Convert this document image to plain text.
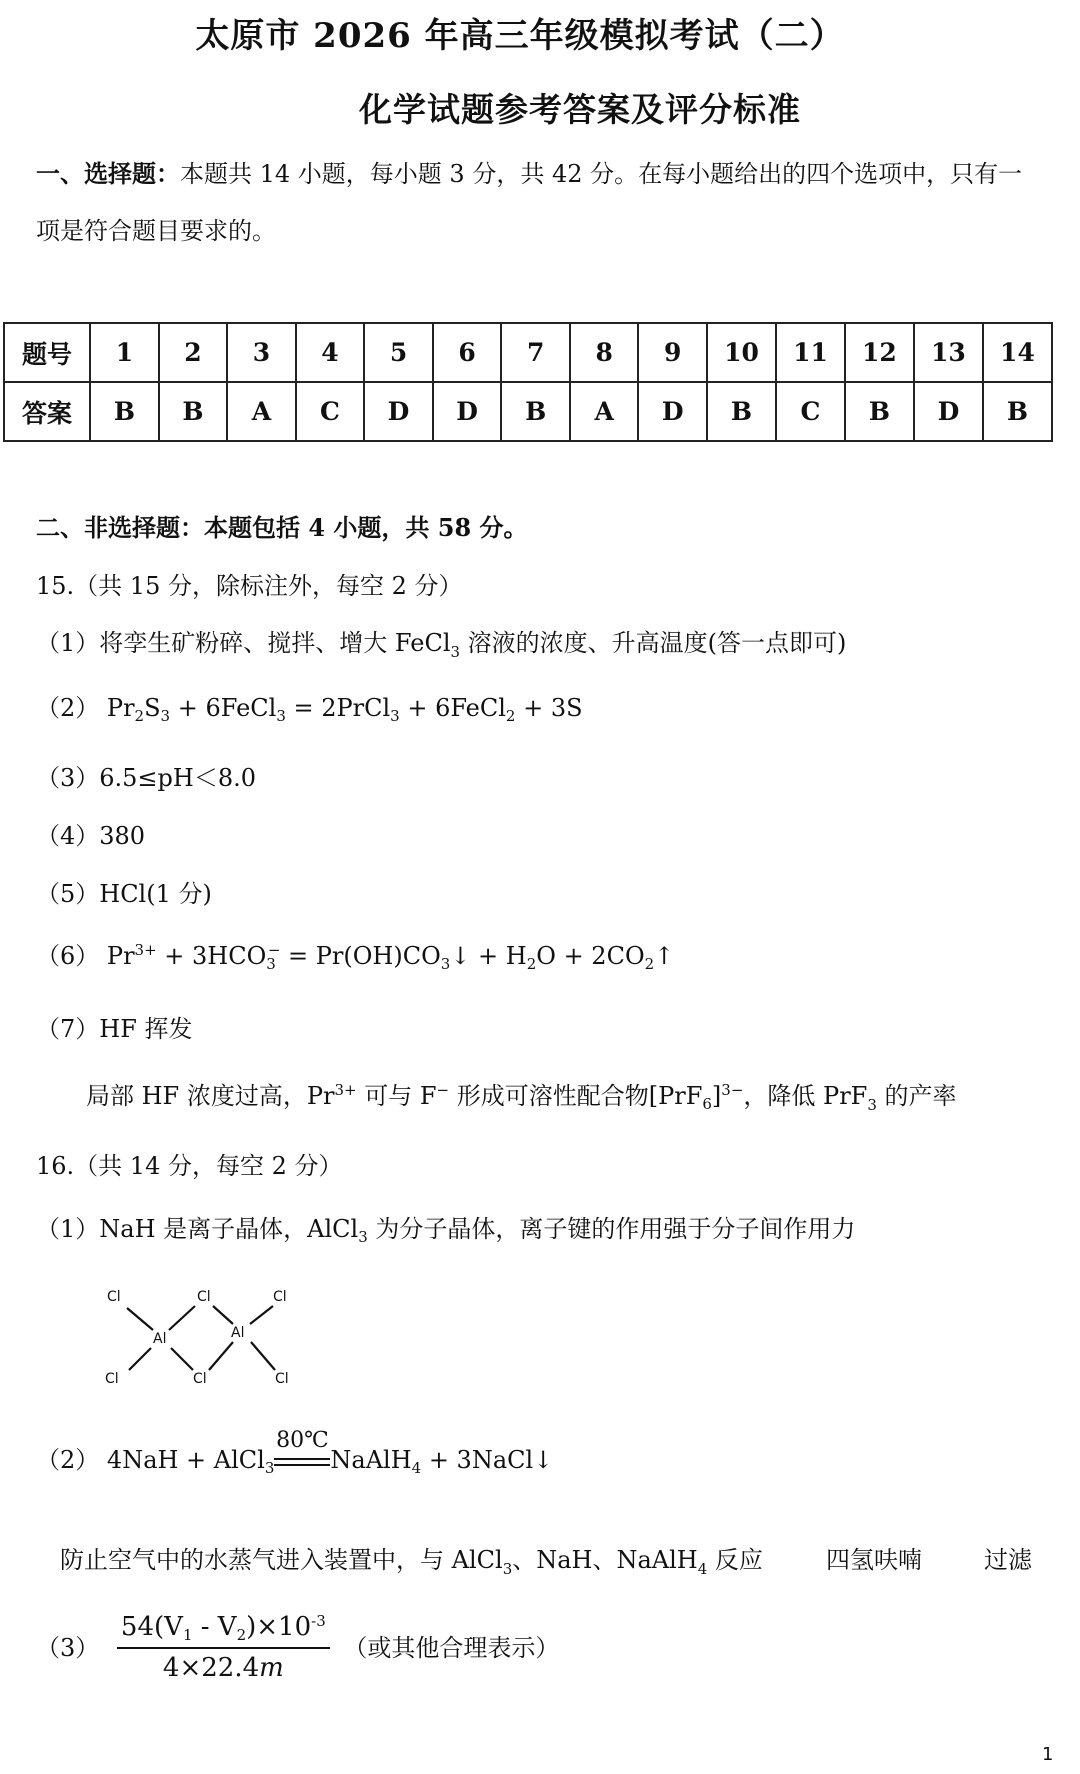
太原市 2026 年高三年级模拟考试（二）
化学试题参考答案及评分标准
一、选择题：本题共 14 小题，每小题 3 分，共 42 分。在每小题给出的四个选项中，只有一
项是符合题目要求的。
题号	1	2	3	4	5	6	7	8	9	10	11	12	13	14
答案	B	B	A	C	D	D	B	A	D	B	C	B	D	B
二、非选择题：本题包括 4 小题，共 58 分。
15.（共 15 分，除标注外，每空 2 分）
（1）将孪生矿粉碎、搅拌、增大 FeCl$_3$ 溶液的浓度、升高温度(答一点即可)
（2） $Pr_2S_3$ + 6FeCl$_3$ = 2PrCl$_3$ + 6FeCl$_2$ + 3S
（3）6.5≤pH＜8.0
（4）380
（5）HCl(1 分)
（6） $Pr^{3+} + 3HCO_3^-$ = $Pr(OH)CO_3↓ + H_2O$ + $2CO_2↑$
（7）HF 挥发
局部 HF 浓度过高，$Pr^{3+}$ 可与 F− 形成可溶性配合物$[PrF_6]^{3-}$，降低 PrF$_3$ 的产率
16.（共 14 分，每空 2 分）
（1）NaH 是离子晶体，AlCl$_3$ 为分子晶体，离子键的作用强于分子间作用力
Cl	Cl	Cl
Al	Al
Cl	Cl	Cl
（2） 4NaH + AlCl$_3$
80℃
NaAlH$_4$ + 3NaCl↓
防止空气中的水蒸气进入装置中，与 AlCl$_3$、NaH、NaAlH$_4$ 反应	四氢呋喃	过滤
$(3) \frac{54(V_1 - V_2)\times 10^{-3}}{4\times 22.4m}$ （或其他合理表示）
1
